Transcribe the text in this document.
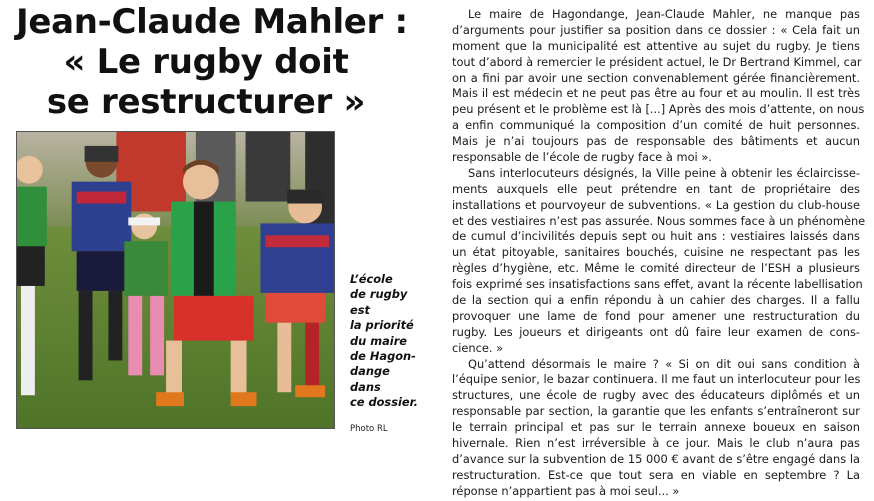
Jean-Claude Mahler :
« Le rugby doit
se restructurer »
L’école
de rugby
est
la priorité
du maire
de Hagon-
dange
dans
ce dossier.
Photo RL
Le maire de Hagondange, Jean-Claude Mahler, ne manque pas
d’arguments pour justifier sa position dans ce dossier : « Cela fait un
moment que la municipalité est attentive au sujet du rugby. Je tiens
tout d’abord à remercier le président actuel, le Dr Bertrand Kimmel, car
on a fini par avoir une section convenablement gérée financièrement.
Mais il est médecin et ne peut pas être au four et au moulin. Il est très
peu présent et le problème est là [...] Après des mois d’attente, on nous
a enfin communiqué la composition d’un comité de huit personnes.
Mais je n’ai toujours pas de responsable des bâtiments et aucun
responsable de l’école de rugby face à moi ».
Sans interlocuteurs désignés, la Ville peine à obtenir les éclaircisse-
ments auxquels elle peut prétendre en tant de propriétaire des
installations et pourvoyeur de subventions. « La gestion du club-house
et des vestiaires n’est pas assurée. Nous sommes face à un phénomène
de cumul d’incivilités depuis sept ou huit ans : vestiaires laissés dans
un état pitoyable, sanitaires bouchés, cuisine ne respectant pas les
règles d’hygiène, etc. Même le comité directeur de l’ESH a plusieurs
fois exprimé ses insatisfactions sans effet, avant la récente labellisation
de la section qui a enfin répondu à un cahier des charges. Il a fallu
provoquer une lame de fond pour amener une restructuration du
rugby. Les joueurs et dirigeants ont dû faire leur examen de cons-
cience. »
Qu’attend désormais le maire ? « Si on dit oui sans condition à
l’équipe senior, le bazar continuera. Il me faut un interlocuteur pour les
structures, une école de rugby avec des éducateurs diplômés et un
responsable par section, la garantie que les enfants s’entraîneront sur
le terrain principal et pas sur le terrain annexe boueux en saison
hivernale. Rien n’est irréversible à ce jour. Mais le club n’aura pas
d’avance sur la subvention de 15 000 € avant de s’être engagé dans la
restructuration. Est-ce que tout sera en viable en septembre ? La
réponse n’appartient pas à moi seul... »
